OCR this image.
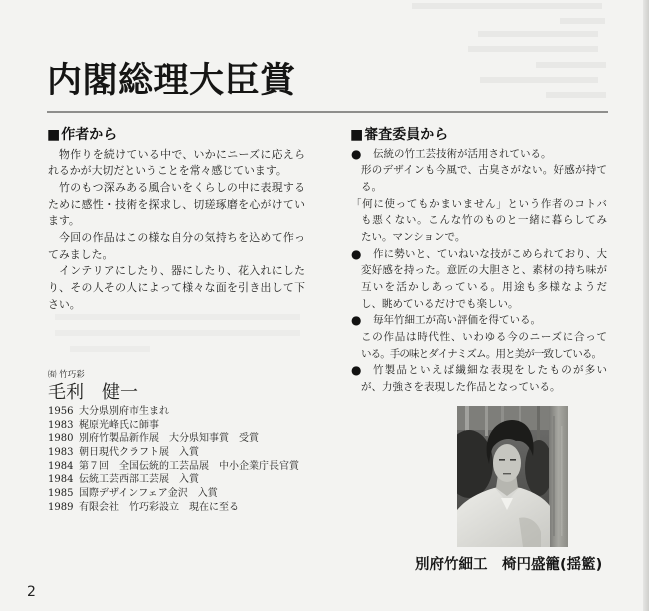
内閣総理大臣賞
■作者から
物作りを続けている中で、いかにニーズに応えら
れるかが大切だということを常々感じています。
竹のもつ深みある風合いをくらしの中に表現する
ために感性・技術を探求し、切瑳琢磨を心がけてい
ます。
今回の作品はこの様な自分の気持ちを込めて作っ
てみました。
インテリアにしたり、器にしたり、花入れにした
り、その人その人によって様々な面を引き出して下
さい。
■審査委員から
● 伝統の竹工芸技術が活用されている。
形のデザインも今風で、古臭さがない。好感が持て
る。
「何に使ってもかまいません」という作者のコトバ
も悪くない。こんな竹のものと一緒に暮らしてみ
たい。マンションで。
● 作に勢いと、ていねいな技がこめられており、大
変好感を持った。意匠の大胆さと、素材の持ち味が
互いを活かしあっている。用途も多様なようだ
し、眺めているだけでも楽しい。
● 毎年竹細工が高い評価を得ている。
この作品は時代性、いわゆる今のニーズに合って
いる。手の味とダイナミズム。用と美が一致している。
● 竹製品といえば繊細な表現をしたものが多い
が、力強さを表現した作品となっている。
㈲ 竹巧彩
毛利　健一
1956 大分県別府市生まれ
1983 梶原光峰氏に師事
1980 別府竹製品新作展　大分県知事賞　受賞
1983 朝日現代クラフト展　入賞
1984 第７回　全国伝統的工芸品展　中小企業庁長官賞
1984 伝統工芸西部工芸展　入賞
1985 国際デザインフェア金沢　入賞
1989 有限会社　竹巧彩設立　現在に至る
別府竹細工　椅円盛籠(揺籃)
2
